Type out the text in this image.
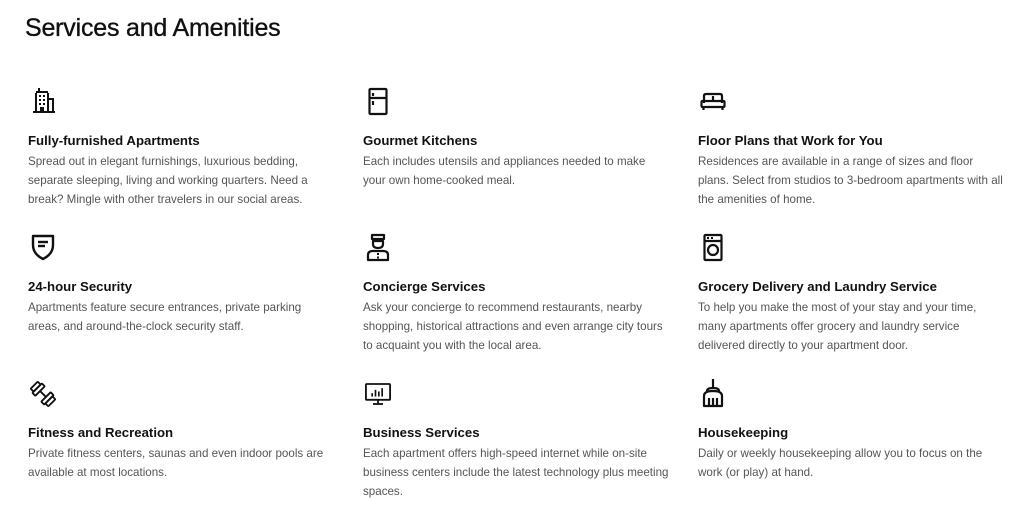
Services and Amenities
Fully-furnished Apartments
Spread out in elegant furnishings, luxurious bedding, separate sleeping, living and working quarters. Need a break? Mingle with other travelers in our social areas.
Gourmet Kitchens
Each includes utensils and appliances needed to make your own home-cooked meal.
Floor Plans that Work for You
Residences are available in a range of sizes and floor plans. Select from studios to 3-bedroom apartments with all the amenities of home.
24-hour Security
Apartments feature secure entrances, private parking areas, and around-the-clock security staff.
Concierge Services
Ask your concierge to recommend restaurants, nearby shopping, historical attractions and even arrange city tours to acquaint you with the local area.
Grocery Delivery and Laundry Service
To help you make the most of your stay and your time, many apartments offer grocery and laundry service delivered directly to your apartment door.
Fitness and Recreation
Private fitness centers, saunas and even indoor pools are available at most locations.
Business Services
Each apartment offers high-speed internet while on-site business centers include the latest technology plus meeting spaces.
Housekeeping
Daily or weekly housekeeping allow you to focus on the work (or play) at hand.
